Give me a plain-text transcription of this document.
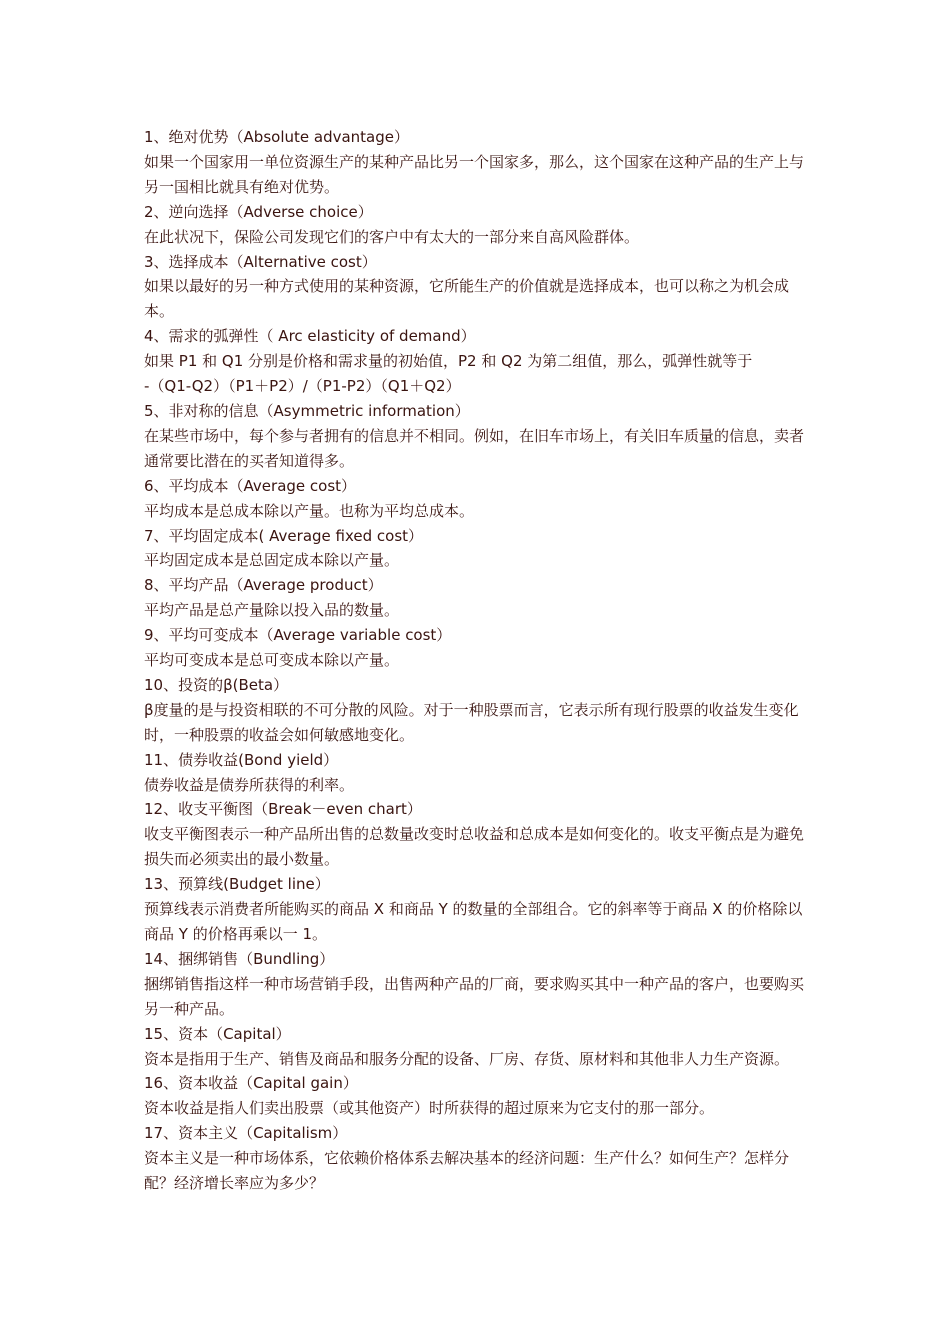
1、绝对优势（Absolute advantage）

如果一个国家用一单位资源生产的某种产品比另一个国家多，那么，这个国家在这种产品的生产上与另一国相比就具有绝对优势。

2、逆向选择（Adverse choice）

在此状况下，保险公司发现它们的客户中有太大的一部分来自高风险群体。

3、选择成本（Alternative cost）

如果以最好的另一种方式使用的某种资源，它所能生产的价值就是选择成本，也可以称之为机会成本。

4、需求的弧弹性（ Arc elasticity of demand）

如果 P1 和 Q1 分别是价格和需求量的初始值，P2 和 Q2 为第二组值，那么，弧弹性就等于

-（Q1-Q2）（P1＋P2）/（P1-P2）（Q1＋Q2）

5、非对称的信息（Asymmetric information）

在某些市场中，每个参与者拥有的信息并不相同。例如，在旧车市场上，有关旧车质量的信息，卖者通常要比潜在的买者知道得多。

6、平均成本（Average cost）

平均成本是总成本除以产量。也称为平均总成本。

7、平均固定成本( Average fixed cost）

平均固定成本是总固定成本除以产量。

8、平均产品（Average product）

平均产品是总产量除以投入品的数量。

9、平均可变成本（Average variable cost）

平均可变成本是总可变成本除以产量。

10、投资的β(Beta）

β度量的是与投资相联的不可分散的风险。对于一种股票而言，它表示所有现行股票的收益发生变化时，一种股票的收益会如何敏感地变化。

11、债券收益(Bond yield）

债券收益是债券所获得的利率。

12、收支平衡图（Break－even chart）

收支平衡图表示一种产品所出售的总数量改变时总收益和总成本是如何变化的。收支平衡点是为避免损失而必须卖出的最小数量。

13、预算线(Budget line）

预算线表示消费者所能购买的商品 X 和商品 Y 的数量的全部组合。它的斜率等于商品 X 的价格除以商品 Y 的价格再乘以一 1。

14、捆绑销售（Bundling）

捆绑销售指这样一种市场营销手段，出售两种产品的厂商，要求购买其中一种产品的客户，也要购买另一种产品。

15、资本（Capital）

资本是指用于生产、销售及商品和服务分配的设备、厂房、存货、原材料和其他非人力生产资源。

16、资本收益（Capital gain）

资本收益是指人们卖出股票（或其他资产）时所获得的超过原来为它支付的那一部分。

17、资本主义（Capitalism）

资本主义是一种市场体系，它依赖价格体系去解决基本的经济问题：生产什么？如何生产？怎样分配？经济增长率应为多少？
